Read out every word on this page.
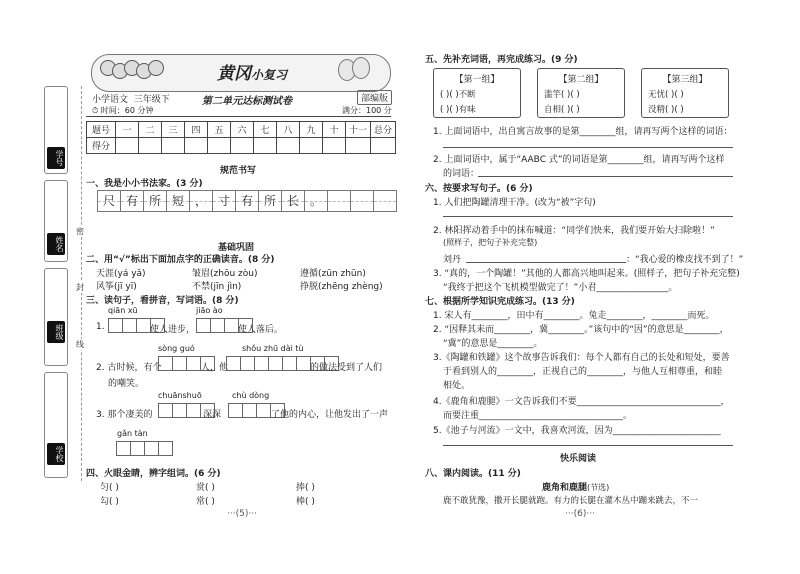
学号
姓名
班级
学校
密
封
线
黄冈小复习
小学语文 三年级下	第二单元达标测试卷	部编版
⏱ 时间：60 分钟	满分：100 分
题号	一	二	三	四	五	六	七	八	九	十	十一	总分
得分												
规范书写
一、我是小小书法家。(3 分)
尺 有 所 短 ， 寸 有 所 长 。
基础巩固
二、用“√”标出下面加点字的正确读音。(8 分)
天涯(yá yǎ)	皱眉(zhōu zòu)	遵循(zūn zhūn)
风筝(jī yī)	不禁(jīn jìn)	挣脱(zhēng zhèng)
三、读句子，看拼音，写词语。(8 分)
qiān xū	jiāo ào
1.	使人进步，	使人落后。
sòng guó	shǒu zhū dài tù
2. 古时候，有个	人，他	的做法受到了人们
的嘲笑。
chuānshuō	chù dòng
3. 那个凄美的	深深	了他的内心，让他发出了一声
gǎn tàn
四、火眼金睛，辨字组词。(6 分)
匀( )	赏( )	捧( )
勾( )	常( )	棒( )
···(5)···
五、先补充词语，再完成练习。(9 分)
【第一组】
( )( )不断
( )( )有味
【第二组】
滥竽( )( )
自相( )( )
【第三组】
无忧( )( )
没精( )( )
1. 上面词语中，出自寓言故事的是第________组，请再写两个这样的词语：
2. 上面词语中，属于“AABC 式”的词语是第________组，请再写两个这样
的词语：
六、按要求写句子。(6 分)
1. 人们把陶罐清理干净。(改为“被”字句)
2. 林阳挥动着手中的抹布喊道：“同学们快来，我们要开始大扫除啦！”
(照样子，把句子补充完整)
刘丹	：“我心爱的橡皮找不到了！”
3. “真的，一个陶罐！”其他的人都高兴地叫起来。(照样子，把句子补充完整)
“我终于把这个飞机模型做完了！”小君________________。
七、根据所学知识完成练习。(13 分)
1. 宋人有________，田中有________。兔走________，________而死。
2. “因释其耒而________，冀________。”该句中的“因”的意思是________，
“冀”的意思是________。
3.《陶罐和铁罐》这个故事告诉我们：每个人都有自己的长处和短处，要善
于看到别人的________，正视自己的________，与他人互相尊重，和睦
相处。
4.《鹿角和鹿腿》一文告诉我们不要________________________________，
而要注重________________________________。
5.《池子与河流》一文中，我喜欢河流，因为________________________
快乐阅读
八、课内阅读。(11 分)
鹿角和鹿腿(节选)
鹿不敢犹豫，撒开长腿就跑。有力的长腿在灌木丛中蹦来跳去，不一
···(6)···
